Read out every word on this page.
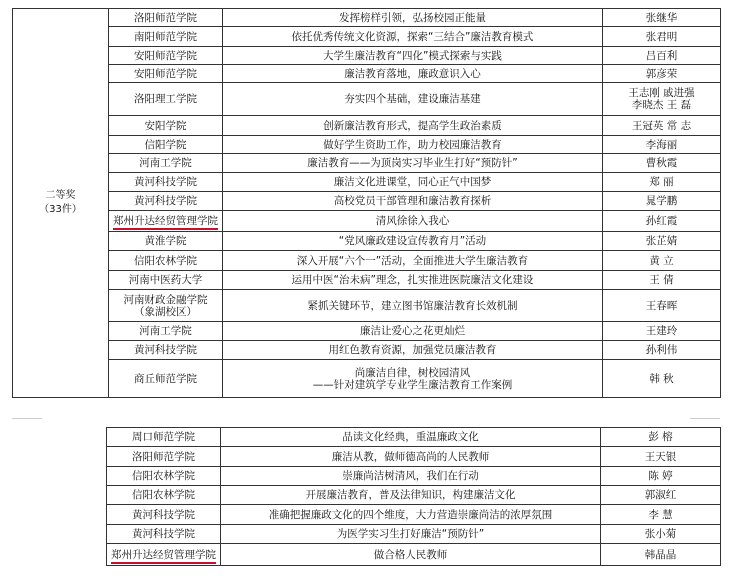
二等奖
（33件）	洛阳师范学院	发挥榜样引领，弘扬校园正能量	张继华
	南阳师范学院	依托优秀传统文化资源，探索“三结合”廉洁教育模式	张君明
	安阳师范学院	大学生廉洁教育“四化”模式探索与实践	吕百利
	安阳师范学院	廉洁教育落地，廉政意识入心	郭彦荣
	洛阳理工学院	夯实四个基础，建设廉洁基建	王志刚 戚进强
李晓杰 王 磊
	安阳学院	创新廉洁教育形式，提高学生政治素质	王冠英 常 志
	信阳学院	做好学生资助工作，助力校园廉洁教育	李海丽
	河南工学院	廉洁教育——为顶岗实习毕业生打好“预防针”	曹秋霞
	黄河科技学院	廉洁文化进课堂，同心正气中国梦	郑 丽
	黄河科技学院	高校党员干部管理和廉洁教育探析	晁学鹏
	郑州升达经贸管理学院	清风徐徐入我心	孙红霞
	黄淮学院	“党风廉政建设宣传教育月”活动	张芷婧
	信阳农林学院	深入开展“六个一”活动，全面推进大学生廉洁教育	黄 立
	河南中医药大学	运用中医“治未病”理念，扎实推进医院廉洁文化建设	王 倩
	河南财政金融学院
（象湖校区）	紧抓关键环节，建立图书馆廉洁教育长效机制	王春晖
	河南工学院	廉洁让爱心之花更灿烂	王建玲
	黄河科技学院	用红色教育资源，加强党员廉洁教育	孙利伟
	商丘师范学院	尚廉洁自律，树校园清风
——针对建筑学专业学生廉洁教育工作案例	韩 秋
周口师范学院	品读文化经典，重温廉政文化	彭 榕
洛阳师范学院	廉洁从教，做师德高尚的人民教师	王天银
信阳农林学院	崇廉尚洁树清风，我们在行动	陈 婷
信阳农林学院	开展廉洁教育，普及法律知识，构建廉洁文化	郭淑红
黄河科技学院	准确把握廉政文化的四个维度，大力营造崇廉尚洁的浓厚氛围	李 慧
黄河科技学院	为医学实习生打好廉洁“预防针”	张小菊
郑州升达经贸管理学院	做合格人民教师	韩晶晶
